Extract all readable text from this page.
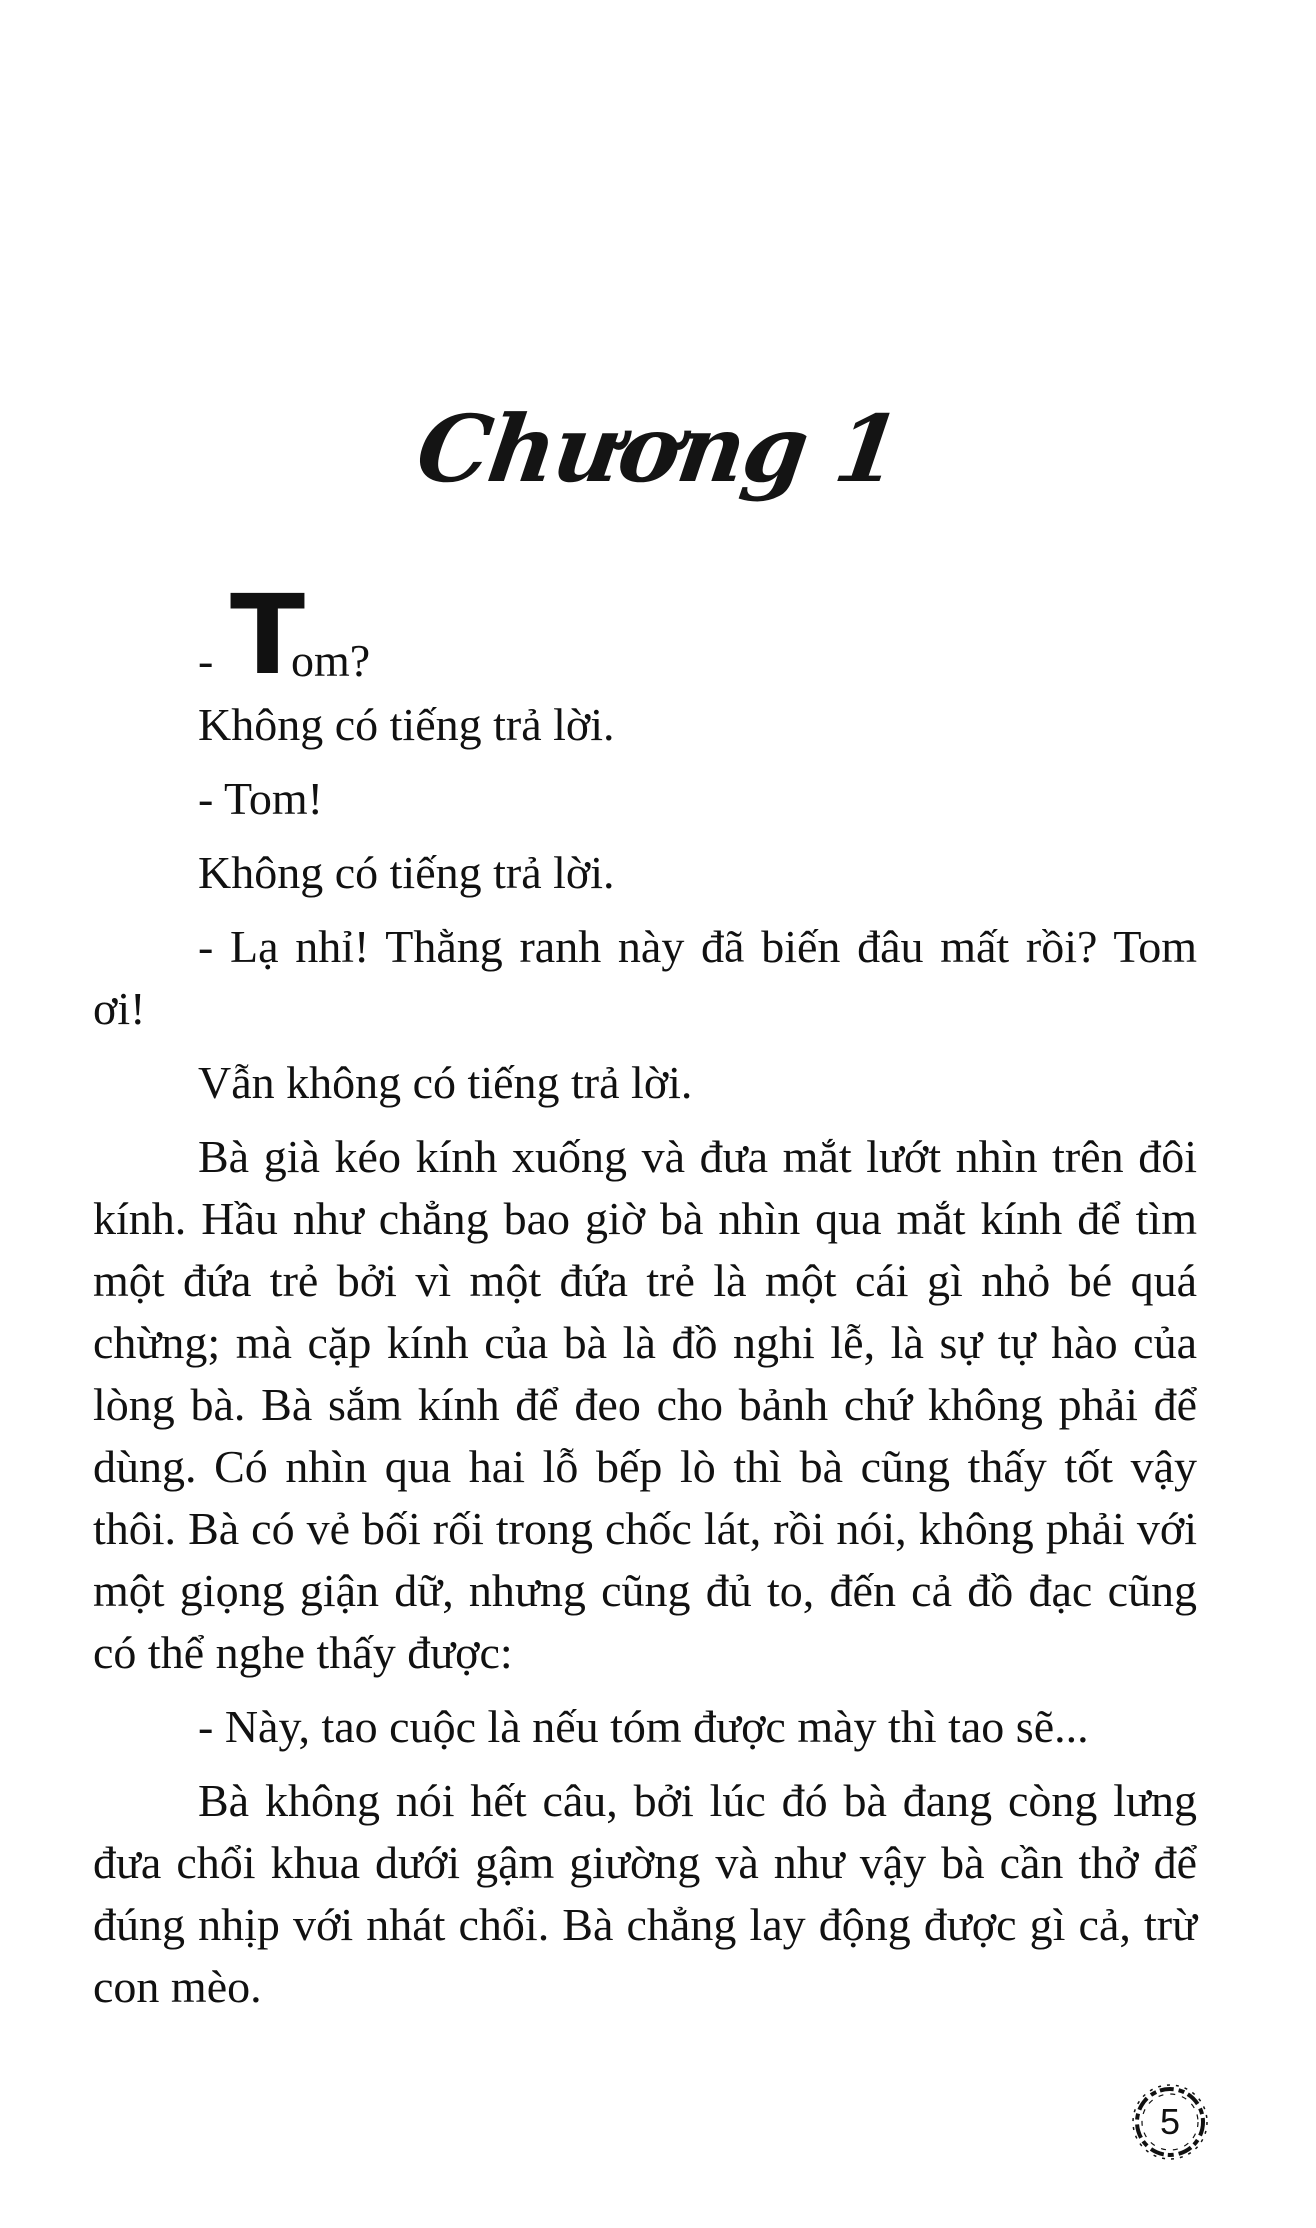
Chương 1
- T
om?

Không có tiếng trả lời.

- Tom!

Không có tiếng trả lời.

- Lạ nhỉ! Thằng ranh này đã biến đâu mất rồi? Tom ơi!

Vẫn không có tiếng trả lời.

Bà già kéo kính xuống và đưa mắt lướt nhìn trên đôi kính. Hầu như chẳng bao giờ bà nhìn qua mắt kính để tìm một đứa trẻ bởi vì một đứa trẻ là một cái gì nhỏ bé quá chừng; mà cặp kính của bà là đồ nghi lễ, là sự tự hào của lòng bà. Bà sắm kính để đeo cho bảnh chứ không phải để dùng. Có nhìn qua hai lỗ bếp lò thì bà cũng thấy tốt vậy thôi. Bà có vẻ bối rối trong chốc lát, rồi nói, không phải với một giọng giận dữ, nhưng cũng đủ to, đến cả đồ đạc cũng có thể nghe thấy được:

- Này, tao cuộc là nếu tóm được mày thì tao sẽ...

Bà không nói hết câu, bởi lúc đó bà đang còng lưng đưa chổi khua dưới gậm giường và như vậy bà cần thở để đúng nhịp với nhát chổi. Bà chẳng lay động được gì cả, trừ con mèo.

5
